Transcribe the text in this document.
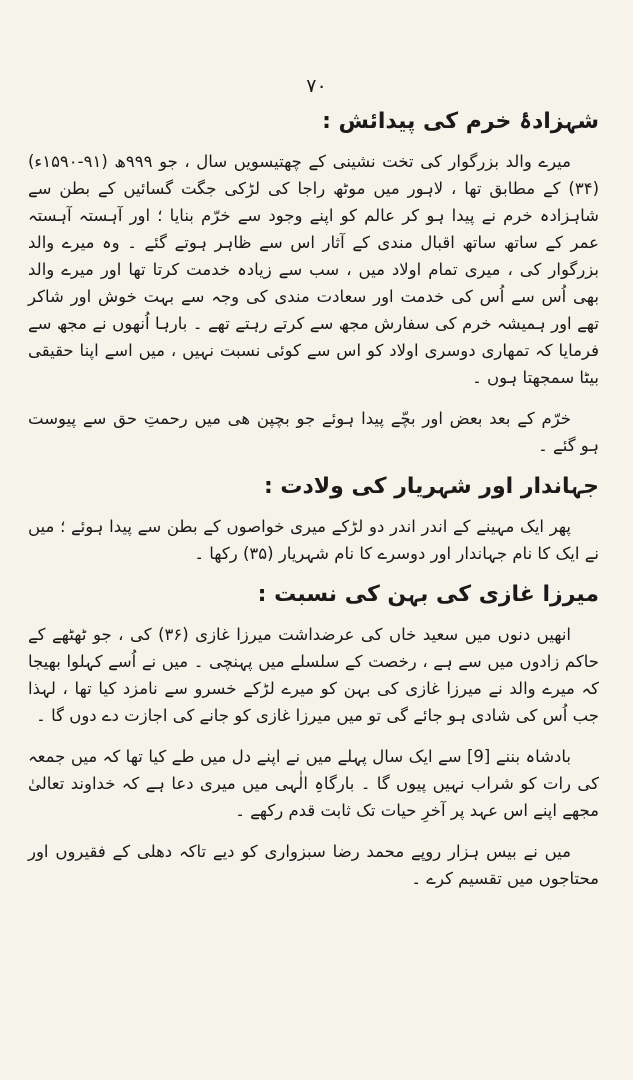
۷۰
شہزادۂ خرم کی پیدائش :

میرے والد بزرگوار کی تخت نشینی کے چھتیسویں سال ، جو ۹۹۹ھ (۹۱-۱۵۹۰ء) (۳۴) کے مطابق تھا ، لاہور میں موٹھ راجا کی لڑکی جگت گسائیں کے بطن سے شاہزادہ خرم نے پیدا ہو کر عالم کو اپنے وجود سے خرّم بنایا ؛ اور آہستہ آہستہ عمر کے ساتھ ساتھ اقبال مندی کے آثار اس سے ظاہر ہوتے گئے ۔ وہ میرے والد بزرگوار کی ، میری تمام اولاد میں ، سب سے زیادہ خدمت کرتا تھا اور میرے والد بھی اُس سے اُس کی خدمت اور سعادت مندی کی وجہ سے بہت خوش اور شاکر تھے اور ہمیشہ خرم کی سفارش مجھ سے کرتے رہتے تھے ۔ بارہا اُنھوں نے مجھ سے فرمایا کہ تمھاری دوسری اولاد کو اس سے کوئی نسبت نہیں ، میں اسے اپنا حقیقی بیٹا سمجھتا ہوں ۔

خرّم کے بعد بعض اور بچّے پیدا ہوئے جو بچپن ھی میں رحمتِ حق سے پیوست ہو گئے ۔

جہاندار اور شہریار کی ولادت :

پھر ایک مہینے کے اندر اندر دو لڑکے میری خواصوں کے بطن سے پیدا ہوئے ؛ میں نے ایک کا نام جہاندار اور دوسرے کا نام شہریار (۳۵) رکھا ۔

میرزا غازی کی بہن کی نسبت :

انھیں دنوں میں سعید خاں کی عرضداشت میرزا غازی (۳۶) کی ، جو ٹھٹھے کے حاکم زادوں میں سے ہے ، رخصت کے سلسلے میں پہنچی ۔ میں نے اُسے کہلوا بھیجا کہ میرے والد نے میرزا غازی کی بہن کو میرے لڑکے خسرو سے نامزد کیا تھا ، لہذا جب اُس کی شادی ہو جائے گی تو میں میرزا غازی کو جانے کی اجازت دے دوں گا ۔

بادشاہ بننے [9] سے ایک سال پہلے میں نے اپنے دل میں طے کیا تھا کہ میں جمعہ کی رات کو شراب نہیں پیوں گا ۔ بارگاہِ الٰہی میں میری دعا ہے کہ خداوند تعالیٰ مجھے اپنے اس عہد پر آخرِ حیات تک ثابت قدم رکھے ۔

میں نے بیس ہزار روپے محمد رضا سبزواری کو دیے تاکہ دھلی کے فقیروں اور محتاجوں میں تقسیم کرے ۔
